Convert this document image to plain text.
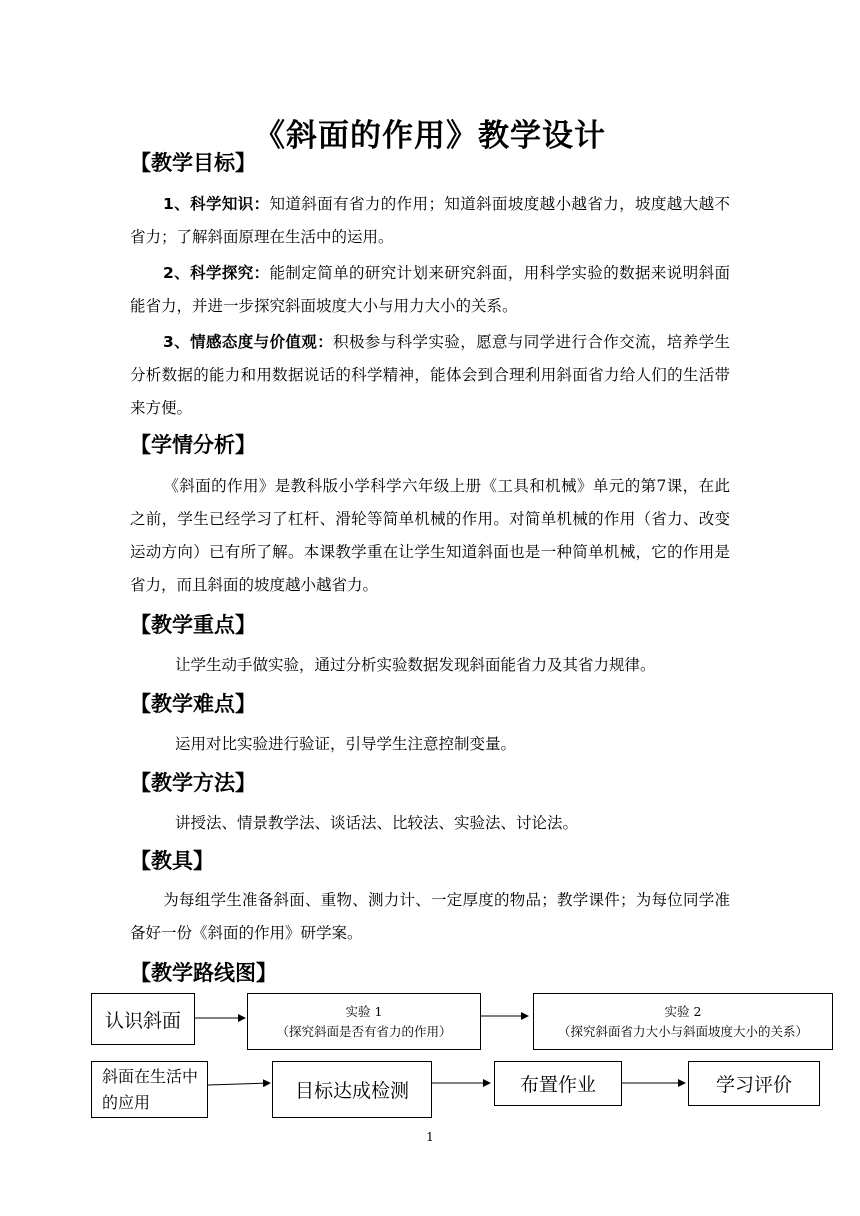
《斜面的作用》教学设计
【教学目标】
1、科学知识：知道斜面有省力的作用；知道斜面坡度越小越省力，坡度越大越不省力；了解斜面原理在生活中的运用。
2、科学探究：能制定简单的研究计划来研究斜面，用科学实验的数据来说明斜面能省力，并进一步探究斜面坡度大小与用力大小的关系。
3、情感态度与价值观：积极参与科学实验，愿意与同学进行合作交流，培养学生分析数据的能力和用数据说话的科学精神，能体会到合理利用斜面省力给人们的生活带来方便。
【学情分析】
《斜面的作用》是教科版小学科学六年级上册《工具和机械》单元的第7课，在此之前，学生已经学习了杠杆、滑轮等简单机械的作用。对简单机械的作用（省力、改变运动方向）已有所了解。本课教学重在让学生知道斜面也是一种简单机械，它的作用是省力，而且斜面的坡度越小越省力。
【教学重点】
让学生动手做实验，通过分析实验数据发现斜面能省力及其省力规律。
【教学难点】
运用对比实验进行验证，引导学生注意控制变量。
【教学方法】
讲授法、情景教学法、谈话法、比较法、实验法、讨论法。
【教具】
为每组学生准备斜面、重物、测力计、一定厚度的物品；教学课件；为每位同学准备好一份《斜面的作用》研学案。
【教学路线图】
认识斜面	实验 1
（探究斜面是否有省力的作用）
实验 2
（探究斜面省力大小与斜面坡度大小的关系）
斜面在生活中的应用	目标达成检测	布置作业	学习评价
1
